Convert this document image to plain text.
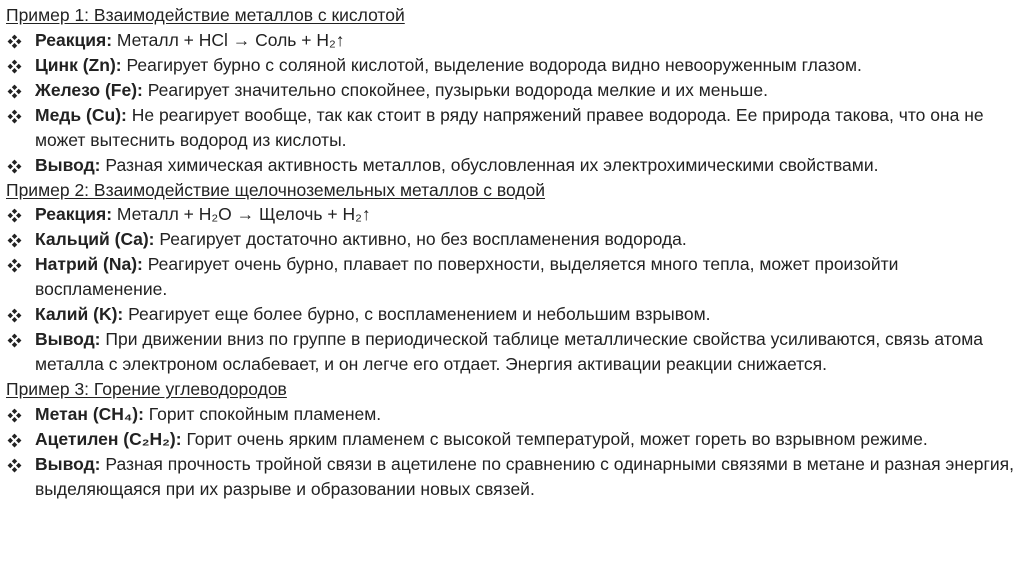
Пример 1: Взаимодействие металлов с кислотой
Реакция: Металл + HCl → Соль + H₂↑
Цинк (Zn): Реагирует бурно с соляной кислотой, выделение водорода видно невооруженным глазом.
Железо (Fe): Реагирует значительно спокойнее, пузырьки водорода мелкие и их меньше.
Медь (Cu): Не реагирует вообще, так как стоит в ряду напряжений правее водорода. Ее природа такова, что она не может вытеснить водород из кислоты.
Вывод: Разная химическая активность металлов, обусловленная их электрохимическими свойствами.
Пример 2: Взаимодействие щелочноземельных металлов с водой
Реакция: Металл + H₂O → Щелочь + H₂↑
Кальций (Ca): Реагирует достаточно активно, но без воспламенения водорода.
Натрий (Na): Реагирует очень бурно, плавает по поверхности, выделяется много тепла, может произойти воспламенение.
Калий (K): Реагирует еще более бурно, с воспламенением и небольшим взрывом.
Вывод: При движении вниз по группе в периодической таблице металлические свойства усиливаются, связь атома металла с электроном ослабевает, и он легче его отдает. Энергия активации реакции снижается.
Пример 3: Горение углеводородов
Метан (CH₄): Горит спокойным пламенем.
Ацетилен (C₂H₂): Горит очень ярким пламенем с высокой температурой, может гореть во взрывном режиме.
Вывод: Разная прочность тройной связи в ацетилене по сравнению с одинарными связями в метане и разная энергия, выделяющаяся при их разрыве и образовании новых связей.
